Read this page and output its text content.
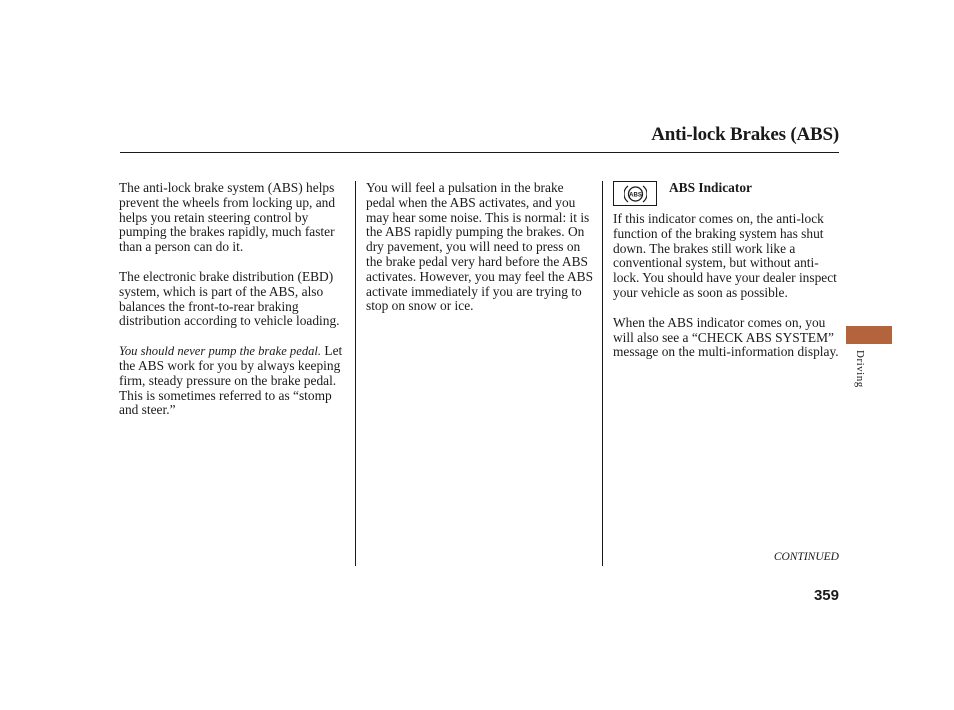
Anti-lock Brakes (ABS)

The anti-lock brake system (ABS) helps prevent the wheels from locking up, and helps you retain steering control by pumping the brakes rapidly, much faster than a person can do it.

The electronic brake distribution (EBD) system, which is part of the ABS, also balances the front-to-rear braking distribution according to vehicle loading.

You should never pump the brake pedal. Let the ABS work for you by always keeping firm, steady pressure on the brake pedal. This is sometimes referred to as “stomp and steer.”

You will feel a pulsation in the brake pedal when the ABS activates, and you may hear some noise. This is normal: it is the ABS rapidly pumping the brakes. On dry pavement, you will need to press on the brake pedal very hard before the ABS activates. However, you may feel the ABS activate immediately if you are trying to stop on snow or ice.

ABS
ABS Indicator

If this indicator comes on, the anti-lock function of the braking system has shut down. The brakes still work like a conventional system, but without anti-lock. You should have your dealer inspect your vehicle as soon as possible.

When the ABS indicator comes on, you will also see a “CHECK ABS SYSTEM” message on the multi-information display. Driving
CONTINUED
359
